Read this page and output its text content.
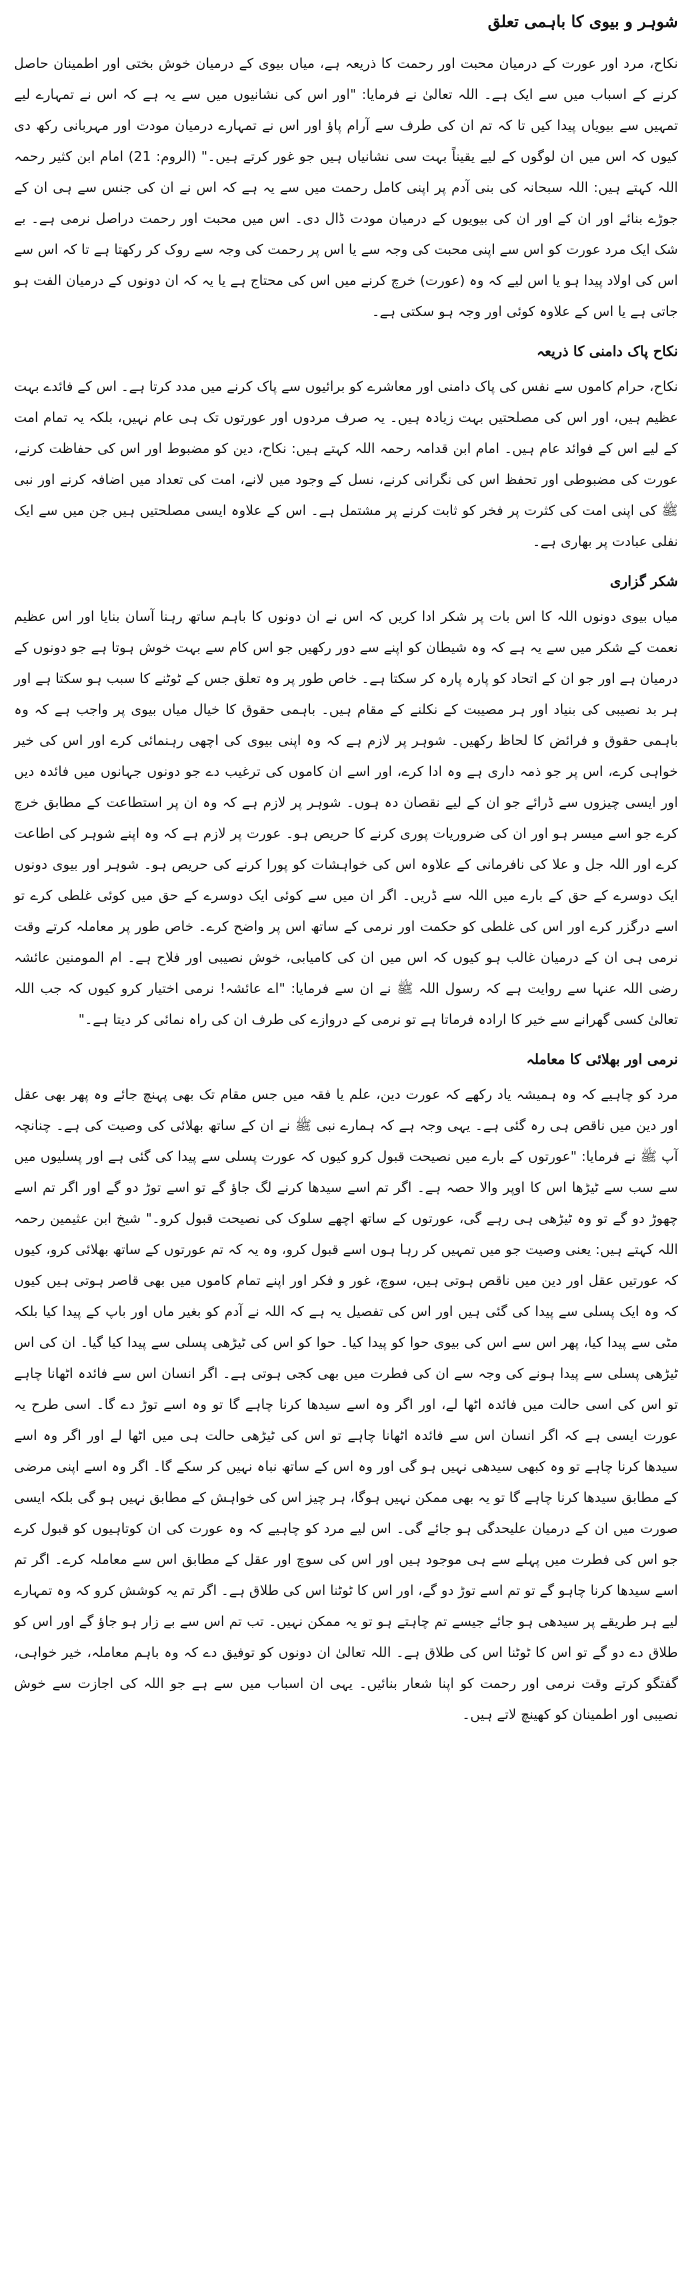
شوہر و بیوی کا باہمی تعلق

نکاح، مرد اور عورت کے درمیان محبت اور رحمت کا ذریعہ ہے، میاں بیوی کے درمیان خوش بختی اور اطمینان حاصل کرنے کے اسباب میں سے ایک ہے۔ اللہ تعالیٰ نے فرمایا: "اور اس کی نشانیوں میں سے یہ ہے کہ اس نے تمہارے لیے تمہیں سے بیویاں پیدا کیں تا کہ تم ان کی طرف سے آرام پاؤ اور اس نے تمہارے درمیان مودت اور مہربانی رکھ دی کیوں کہ اس میں ان لوگوں کے لیے یقیناً بہت سی نشانیاں ہیں جو غور کرتے ہیں۔" (الروم: 21) امام ابن کثیر رحمہ اللہ کہتے ہیں: اللہ سبحانہ کی بنی آدم پر اپنی کامل رحمت میں سے یہ ہے کہ اس نے ان کی جنس سے ہی ان کے جوڑے بنائے اور ان کے اور ان کی بیویوں کے درمیان مودت ڈال دی۔ اس میں محبت اور رحمت دراصل نرمی ہے۔ بے شک ایک مرد عورت کو اس سے اپنی محبت کی وجہ سے یا اس پر رحمت کی وجہ سے روک کر رکھتا ہے تا کہ اس سے اس کی اولاد پیدا ہو یا اس لیے کہ وہ (عورت) خرچ کرنے میں اس کی محتاج ہے یا یہ کہ ان دونوں کے درمیان الفت ہو جاتی ہے یا اس کے علاوہ کوئی اور وجہ ہو سکتی ہے۔

نکاح پاک دامنی کا ذریعہ

نکاح، حرام کاموں سے نفس کی پاک دامنی اور معاشرے کو برائیوں سے پاک کرنے میں مدد کرتا ہے۔ اس کے فائدے بہت عظیم ہیں، اور اس کی مصلحتیں بہت زیادہ ہیں۔ یہ صرف مردوں اور عورتوں تک ہی عام نہیں، بلکہ یہ تمام امت کے لیے اس کے فوائد عام ہیں۔ امام ابن قدامہ رحمہ اللہ کہتے ہیں: نکاح، دین کو مضبوط اور اس کی حفاظت کرنے، عورت کی مضبوطی اور تحفظ اس کی نگرانی کرنے، نسل کے وجود میں لانے، امت کی تعداد میں اضافہ کرنے اور نبی ﷺ کی اپنی امت کی کثرت پر فخر کو ثابت کرنے پر مشتمل ہے۔ اس کے علاوہ ایسی مصلحتیں ہیں جن میں سے ایک نفلی عبادت پر بھاری ہے۔

شکر گزاری

میاں بیوی دونوں اللہ کا اس بات پر شکر ادا کریں کہ اس نے ان دونوں کا باہم ساتھ رہنا آسان بنایا اور اس عظیم نعمت کے شکر میں سے یہ ہے کہ وہ شیطان کو اپنے سے دور رکھیں جو اس کام سے بہت خوش ہوتا ہے جو دونوں کے درمیان ہے اور جو ان کے اتحاد کو پارہ پارہ کر سکتا ہے۔ خاص طور پر وہ تعلق جس کے ٹوٹنے کا سبب ہو سکتا ہے اور ہر بد نصیبی کی بنیاد اور ہر مصیبت کے نکلنے کے مقام ہیں۔ باہمی حقوق کا خیال میاں بیوی پر واجب ہے کہ وہ باہمی حقوق و فرائض کا لحاظ رکھیں۔ شوہر پر لازم ہے کہ وہ اپنی بیوی کی اچھی رہنمائی کرے اور اس کی خیر خواہی کرے، اس پر جو ذمہ داری ہے وہ ادا کرے، اور اسے ان کاموں کی ترغیب دے جو دونوں جہانوں میں فائدہ دیں اور ایسی چیزوں سے ڈرائے جو ان کے لیے نقصان دہ ہوں۔ شوہر پر لازم ہے کہ وہ ان پر استطاعت کے مطابق خرچ کرے جو اسے میسر ہو اور ان کی ضروریات پوری کرنے کا حریص ہو۔ عورت پر لازم ہے کہ وہ اپنے شوہر کی اطاعت کرے اور اللہ جل و علا کی نافرمانی کے علاوہ اس کی خواہشات کو پورا کرنے کی حریص ہو۔ شوہر اور بیوی دونوں ایک دوسرے کے حق کے بارے میں اللہ سے ڈریں۔ اگر ان میں سے کوئی ایک دوسرے کے حق میں کوئی غلطی کرے تو اسے درگزر کرے اور اس کی غلطی کو حکمت اور نرمی کے ساتھ اس پر واضح کرے۔ خاص طور پر معاملہ کرتے وقت نرمی ہی ان کے درمیان غالب ہو کیوں کہ اس میں ان کی کامیابی، خوش نصیبی اور فلاح ہے۔ ام المومنین عائشہ رضی اللہ عنہا سے روایت ہے کہ رسول اللہ ﷺ نے ان سے فرمایا: "اے عائشہ! نرمی اختیار کرو کیوں کہ جب اللہ تعالیٰ کسی گھرانے سے خیر کا ارادہ فرماتا ہے تو نرمی کے دروازے کی طرف ان کی راہ نمائی کر دیتا ہے۔"

نرمی اور بھلائی کا معاملہ

مرد کو چاہیے کہ وہ ہمیشہ یاد رکھے کہ عورت دین، علم یا فقہ میں جس مقام تک بھی پہنچ جائے وہ پھر بھی عقل اور دین میں ناقص ہی رہ گئی ہے۔ یہی وجہ ہے کہ ہمارے نبی ﷺ نے ان کے ساتھ بھلائی کی وصیت کی ہے۔ چنانچہ آپ ﷺ نے فرمایا: "عورتوں کے بارے میں نصیحت قبول کرو کیوں کہ عورت پسلی سے پیدا کی گئی ہے اور پسلیوں میں سے سب سے ٹیڑھا اس کا اوپر والا حصہ ہے۔ اگر تم اسے سیدھا کرنے لگ جاؤ گے تو اسے توڑ دو گے اور اگر تم اسے چھوڑ دو گے تو وہ ٹیڑھی ہی رہے گی، عورتوں کے ساتھ اچھے سلوک کی نصیحت قبول کرو۔" شیخ ابن عثیمین رحمہ اللہ کہتے ہیں: یعنی وصیت جو میں تمہیں کر رہا ہوں اسے قبول کرو، وہ یہ کہ تم عورتوں کے ساتھ بھلائی کرو، کیوں کہ عورتیں عقل اور دین میں ناقص ہوتی ہیں، سوچ، غور و فکر اور اپنے تمام کاموں میں بھی قاصر ہوتی ہیں کیوں کہ وہ ایک پسلی سے پیدا کی گئی ہیں اور اس کی تفصیل یہ ہے کہ اللہ نے آدم کو بغیر ماں اور باپ کے پیدا کیا بلکہ مٹی سے پیدا کیا، پھر اس سے اس کی بیوی حوا کو پیدا کیا۔ حوا کو اس کی ٹیڑھی پسلی سے پیدا کیا گیا۔ ان کی اس ٹیڑھی پسلی سے پیدا ہونے کی وجہ سے ان کی فطرت میں بھی کجی ہوتی ہے۔ اگر انسان اس سے فائدہ اٹھانا چاہے تو اس کی اسی حالت میں فائدہ اٹھا لے، اور اگر وہ اسے سیدھا کرنا چاہے گا تو وہ اسے توڑ دے گا۔ اسی طرح یہ عورت ایسی ہے کہ اگر انسان اس سے فائدہ اٹھانا چاہے تو اس کی ٹیڑھی حالت ہی میں اٹھا لے اور اگر وہ اسے سیدھا کرنا چاہے تو وہ کبھی سیدھی نہیں ہو گی اور وہ اس کے ساتھ نباہ نہیں کر سکے گا۔ اگر وہ اسے اپنی مرضی کے مطابق سیدھا کرنا چاہے گا تو یہ بھی ممکن نہیں ہوگا، ہر چیز اس کی خواہش کے مطابق نہیں ہو گی بلکہ ایسی صورت میں ان کے درمیان علیحدگی ہو جائے گی۔ اس لیے مرد کو چاہیے کہ وہ عورت کی ان کوتاہیوں کو قبول کرے جو اس کی فطرت میں پہلے سے ہی موجود ہیں اور اس کی سوچ اور عقل کے مطابق اس سے معاملہ کرے۔ اگر تم اسے سیدھا کرنا چاہو گے تو تم اسے توڑ دو گے، اور اس کا ٹوٹنا اس کی طلاق ہے۔ اگر تم یہ کوشش کرو کہ وہ تمہارے لیے ہر طریقے پر سیدھی ہو جائے جیسے تم چاہتے ہو تو یہ ممکن نہیں۔ تب تم اس سے بے زار ہو جاؤ گے اور اس کو طلاق دے دو گے تو اس کا ٹوٹنا اس کی طلاق ہے۔ اللہ تعالیٰ ان دونوں کو توفیق دے کہ وہ باہم معاملہ، خیر خواہی، گفتگو کرتے وقت نرمی اور رحمت کو اپنا شعار بنائیں۔ یہی ان اسباب میں سے ہے جو اللہ کی اجازت سے خوش نصیبی اور اطمینان کو کھینچ لاتے ہیں۔
